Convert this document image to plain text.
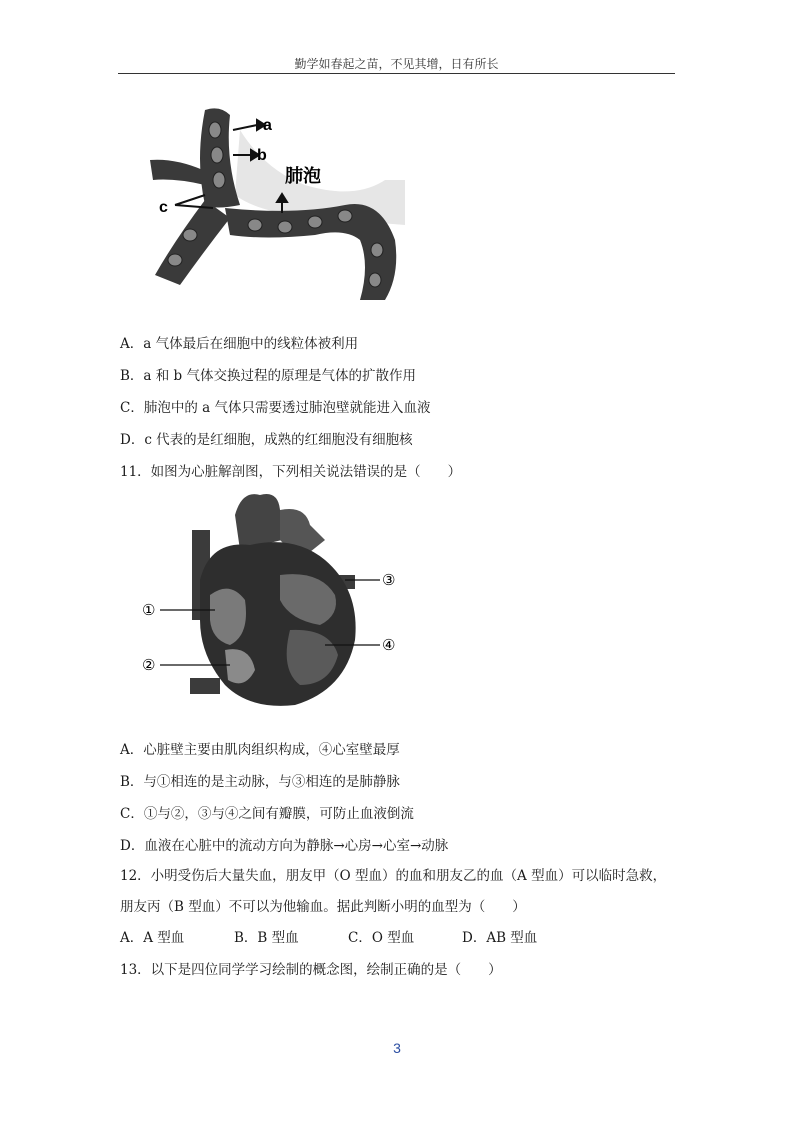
勤学如春起之苗，不见其增，日有所长
a
b
c
肺泡
A．a 气体最后在细胞中的线粒体被利用
B．a 和 b 气体交换过程的原理是气体的扩散作用
C．肺泡中的 a 气体只需要透过肺泡壁就能进入血液
D．c 代表的是红细胞，成熟的红细胞没有细胞核
11．如图为心脏解剖图，下列相关说法错误的是（　　）
①
②
③
④
A．心脏壁主要由肌肉组织构成，④心室壁最厚
B．与①相连的是主动脉，与③相连的是肺静脉
C．①与②，③与④之间有瓣膜，可防止血液倒流
D．血液在心脏中的流动方向为静脉→心房→心室→动脉
12．小明受伤后大量失血，朋友甲（O 型血）的血和朋友乙的血（A 型血）可以临时急救，
朋友丙（B 型血）不可以为他输血。据此判断小明的血型为（　　）
A．A 型血	B．B 型血	C．O 型血	D．AB 型血
13．以下是四位同学学习绘制的概念图，绘制正确的是（　　）
3
